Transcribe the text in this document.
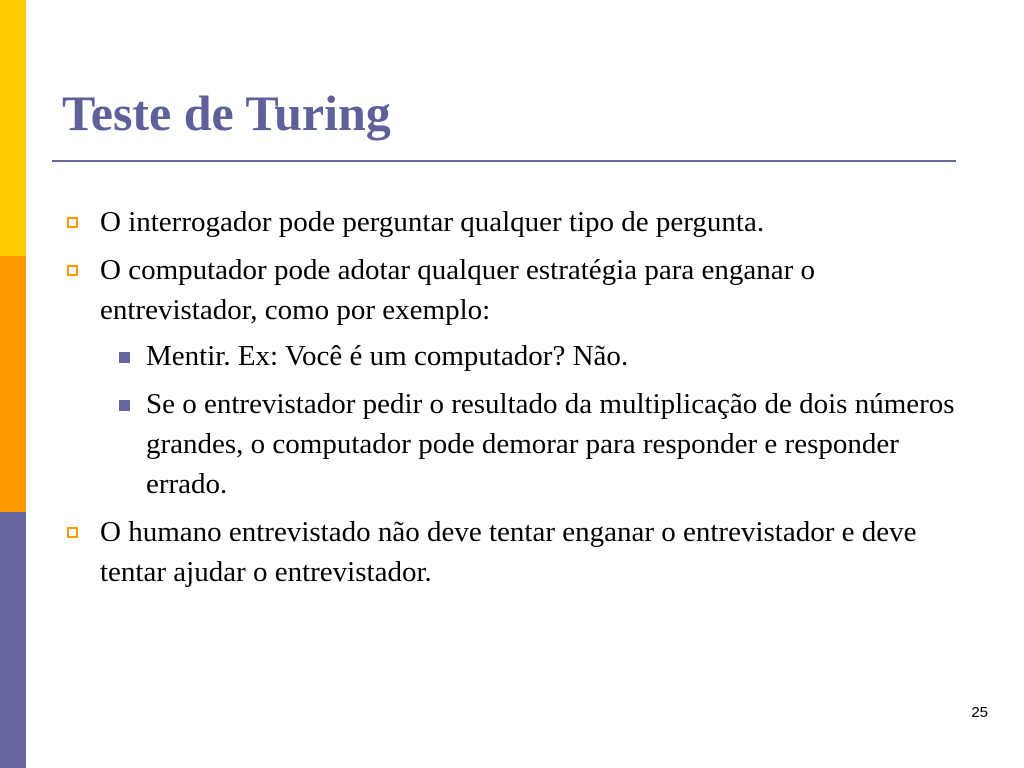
Teste de Turing
O interrogador pode perguntar qualquer tipo de pergunta.
O computador pode adotar qualquer estratégia para enganar o entrevistador, como por exemplo:
Mentir. Ex: Você é um computador? Não.
Se o entrevistador pedir o resultado da multiplicação de dois números grandes, o computador pode demorar para responder e responder errado.
O humano entrevistado não deve tentar enganar o entrevistador e deve tentar ajudar o entrevistador.
25
